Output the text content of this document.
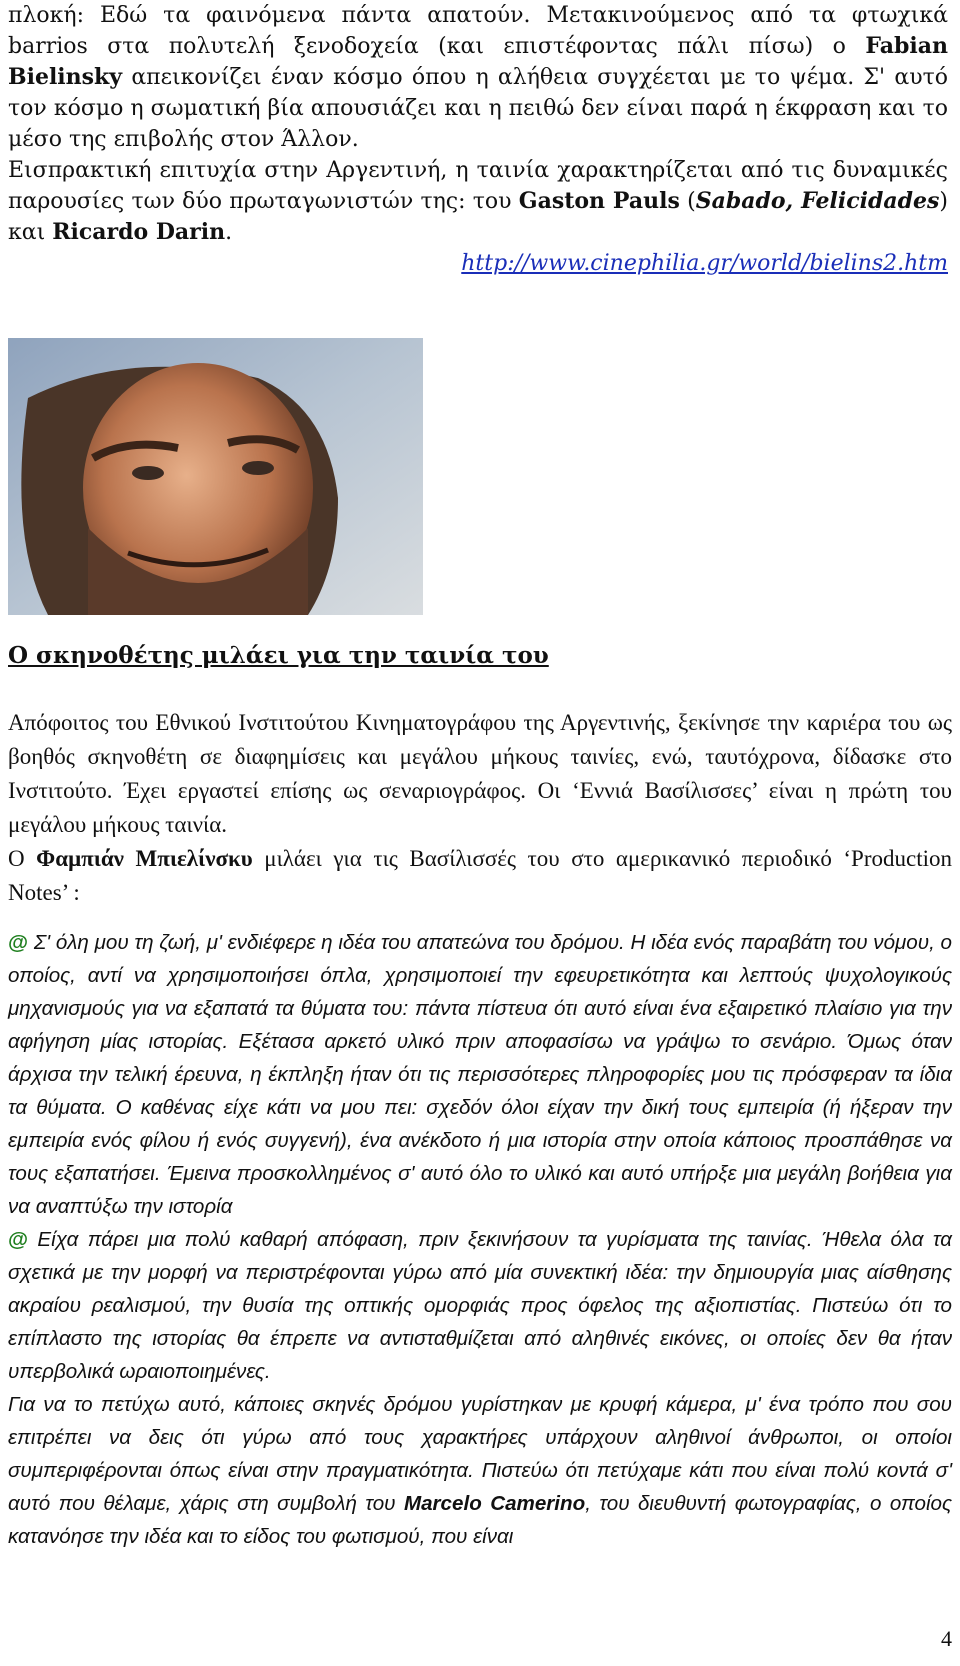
πλοκή: Εδώ τα φαινόμενα πάντα απατούν. Μετακινούμενος από τα φτωχικά barrios στα πολυτελή ξενοδοχεία (και επιστέφοντας πάλι πίσω) ο Fabian Bielinsky απεικονίζει έναν κόσμο όπου η αλήθεια συγχέεται με το ψέμα. Σ' αυτό τον κόσμο η σωματική βία απουσιάζει και η πειθώ δεν είναι παρά η έκφραση και το μέσο της επιβολής στον Άλλον.

Εισπρακτική επιτυχία στην Αργεντινή, η ταινία χαρακτηρίζεται από τις δυναμικές παρουσίες των δύο πρωταγωνιστών της: του Gaston Pauls (Sabado, Felicidades) και Ricardo Darin.

http://www.cinephilia.gr/world/bielins2.htm

Ο σκηνοθέτης μιλάει για την ταινία του

Απόφοιτος του Εθνικού Ινστιτούτου Κινηματογράφου της Αργεντινής, ξεκίνησε την καριέρα του ως βοηθός σκηνοθέτη σε διαφημίσεις και μεγάλου μήκους ταινίες, ενώ, ταυτόχρονα, δίδασκε στο Ινστιτούτο. Έχει εργαστεί επίσης ως σεναριογράφος. Οι ‘Εννιά Βασίλισσες’ είναι η πρώτη του μεγάλου μήκους ταινία.

Ο Φαμπιάν Μπιελίνσκυ μιλάει για τις Βασίλισσές του στο αμερικανικό περιοδικό ‘Production Notes’ :

@ Σ' όλη μου τη ζωή, μ' ενδιέφερε η ιδέα του απατεώνα του δρόμου. Η ιδέα ενός παραβάτη του νόμου, ο οποίος, αντί να χρησιμοποιήσει όπλα, χρησιμοποιεί την εφευρετικότητα και λεπτούς ψυχολογικούς μηχανισμούς για να εξαπατά τα θύματα του: πάντα πίστευα ότι αυτό είναι ένα εξαιρετικό πλαίσιο για την αφήγηση μίας ιστορίας. Εξέτασα αρκετό υλικό πριν αποφασίσω να γράψω το σενάριο. Όμως όταν άρχισα την τελική έρευνα, η έκπληξη ήταν ότι τις περισσότερες πληροφορίες μου τις πρόσφεραν τα ίδια τα θύματα. Ο καθένας είχε κάτι να μου πει: σχεδόν όλοι είχαν την δική τους εμπειρία (ή ήξεραν την εμπειρία ενός φίλου ή ενός συγγενή), ένα ανέκδοτο ή μια ιστορία στην οποία κάποιος προσπάθησε να τους εξαπατήσει. Έμεινα προσκολλημένος σ' αυτό όλο το υλικό και αυτό υπήρξε μια μεγάλη βοήθεια για να αναπτύξω την ιστορία

@ Είχα πάρει μια πολύ καθαρή απόφαση, πριν ξεκινήσουν τα γυρίσματα της ταινίας. Ήθελα όλα τα σχετικά με την μορφή να περιστρέφονται γύρω από μία συνεκτική ιδέα: την δημιουργία μιας αίσθησης ακραίου ρεαλισμού, την θυσία της οπτικής ομορφιάς προς όφελος της αξιοπιστίας. Πιστεύω ότι το επίπλαστο της ιστορίας θα έπρεπε να αντισταθμίζεται από αληθινές εικόνες, οι οποίες δεν θα ήταν υπερβολικά ωραιοποιημένες.

Για να το πετύχω αυτό, κάποιες σκηνές δρόμου γυρίστηκαν με κρυφή κάμερα, μ' ένα τρόπο που σου επιτρέπει να δεις ότι γύρω από τους χαρακτήρες υπάρχουν αληθινοί άνθρωποι, οι οποίοι συμπεριφέρονται όπως είναι στην πραγματικότητα. Πιστεύω ότι πετύχαμε κάτι που είναι πολύ κοντά σ' αυτό που θέλαμε, χάρις στη συμβολή του Marcelo Camerino, του διευθυντή φωτογραφίας, ο οποίος κατανόησε την ιδέα και το είδος του φωτισμού, που είναι

4
